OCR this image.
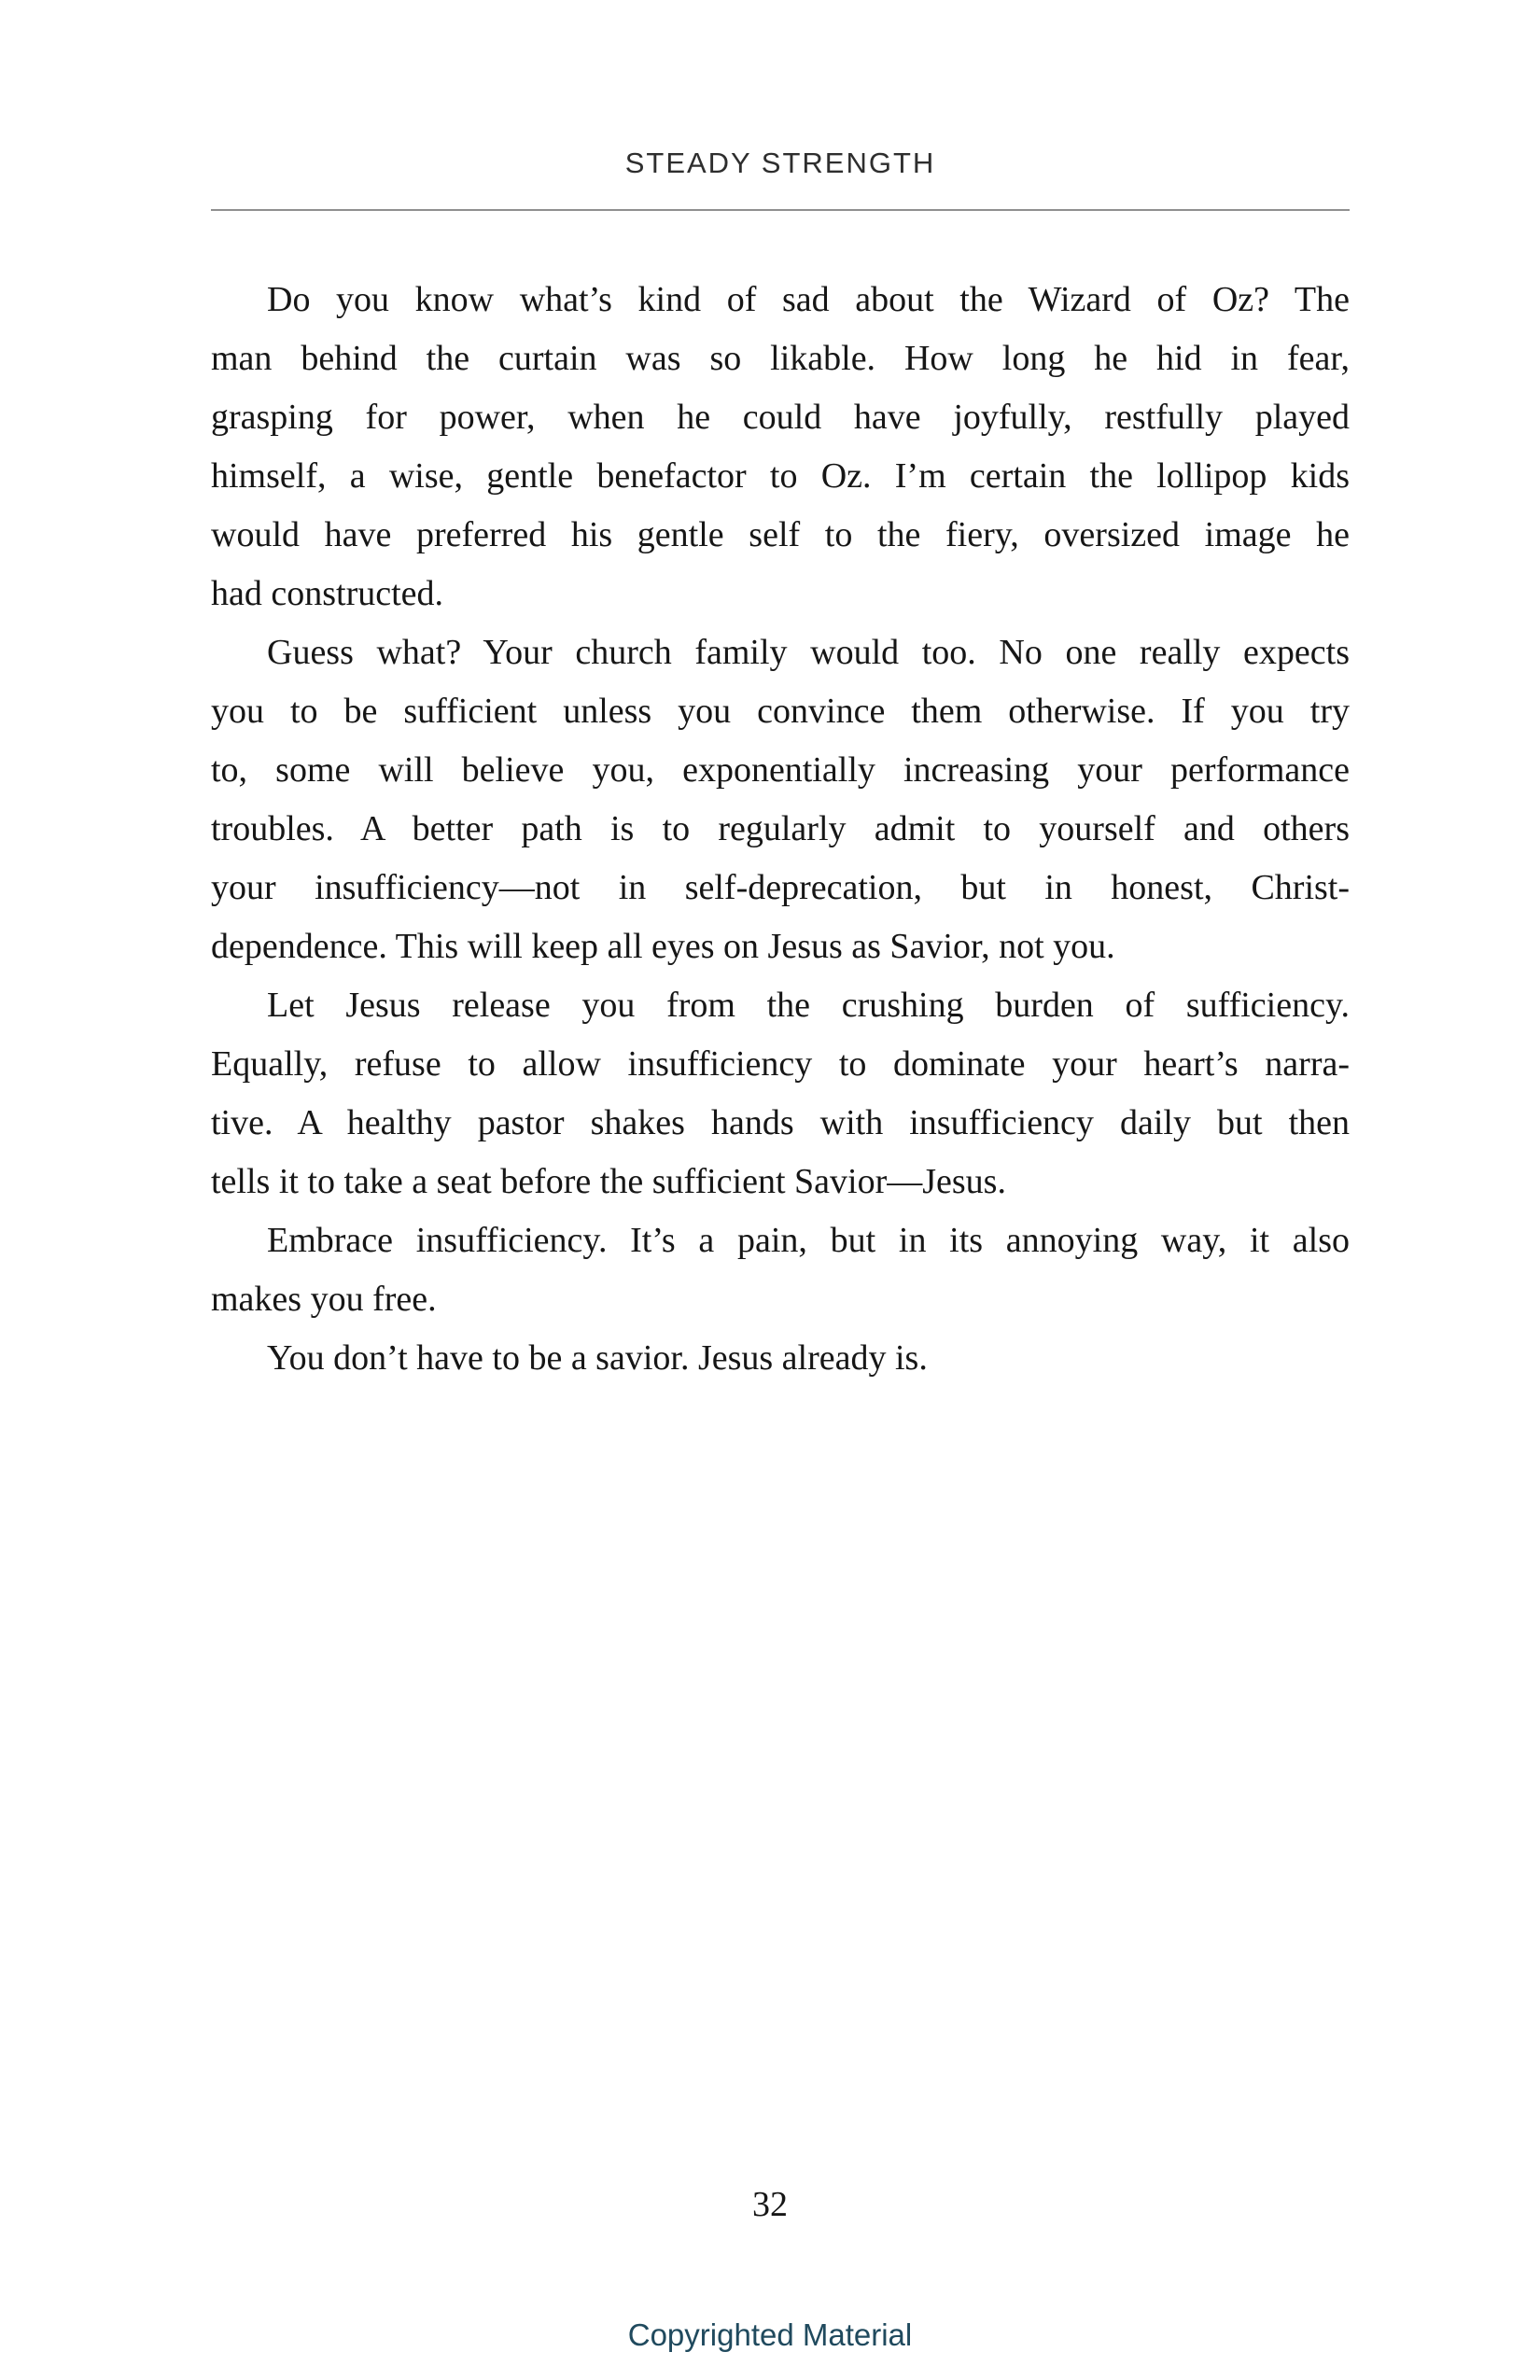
STEADY STRENGTH
Do you know what’s kind of sad about the Wizard of Oz? The
man behind the curtain was so likable. How long he hid in fear,
grasping for power, when he could have joyfully, restfully played
himself, a wise, gentle benefactor to Oz. I’m certain the lollipop kids
would have preferred his gentle self to the fiery, oversized image he
had constructed.
Guess what? Your church family would too. No one really expects
you to be sufficient unless you convince them otherwise. If you try
to, some will believe you, exponentially increasing your performance
troubles. A better path is to regularly admit to yourself and others
your insufficiency—not in self-deprecation, but in honest, Christ-
dependence. This will keep all eyes on Jesus as Savior, not you.
Let Jesus release you from the crushing burden of sufficiency.
Equally, refuse to allow insufficiency to dominate your heart’s narra-
tive. A healthy pastor shakes hands with insufficiency daily but then
tells it to take a seat before the sufficient Savior—Jesus.
Embrace insufficiency. It’s a pain, but in its annoying way, it also
makes you free.
You don’t have to be a savior. Jesus already is.
32
Copyrighted Material
